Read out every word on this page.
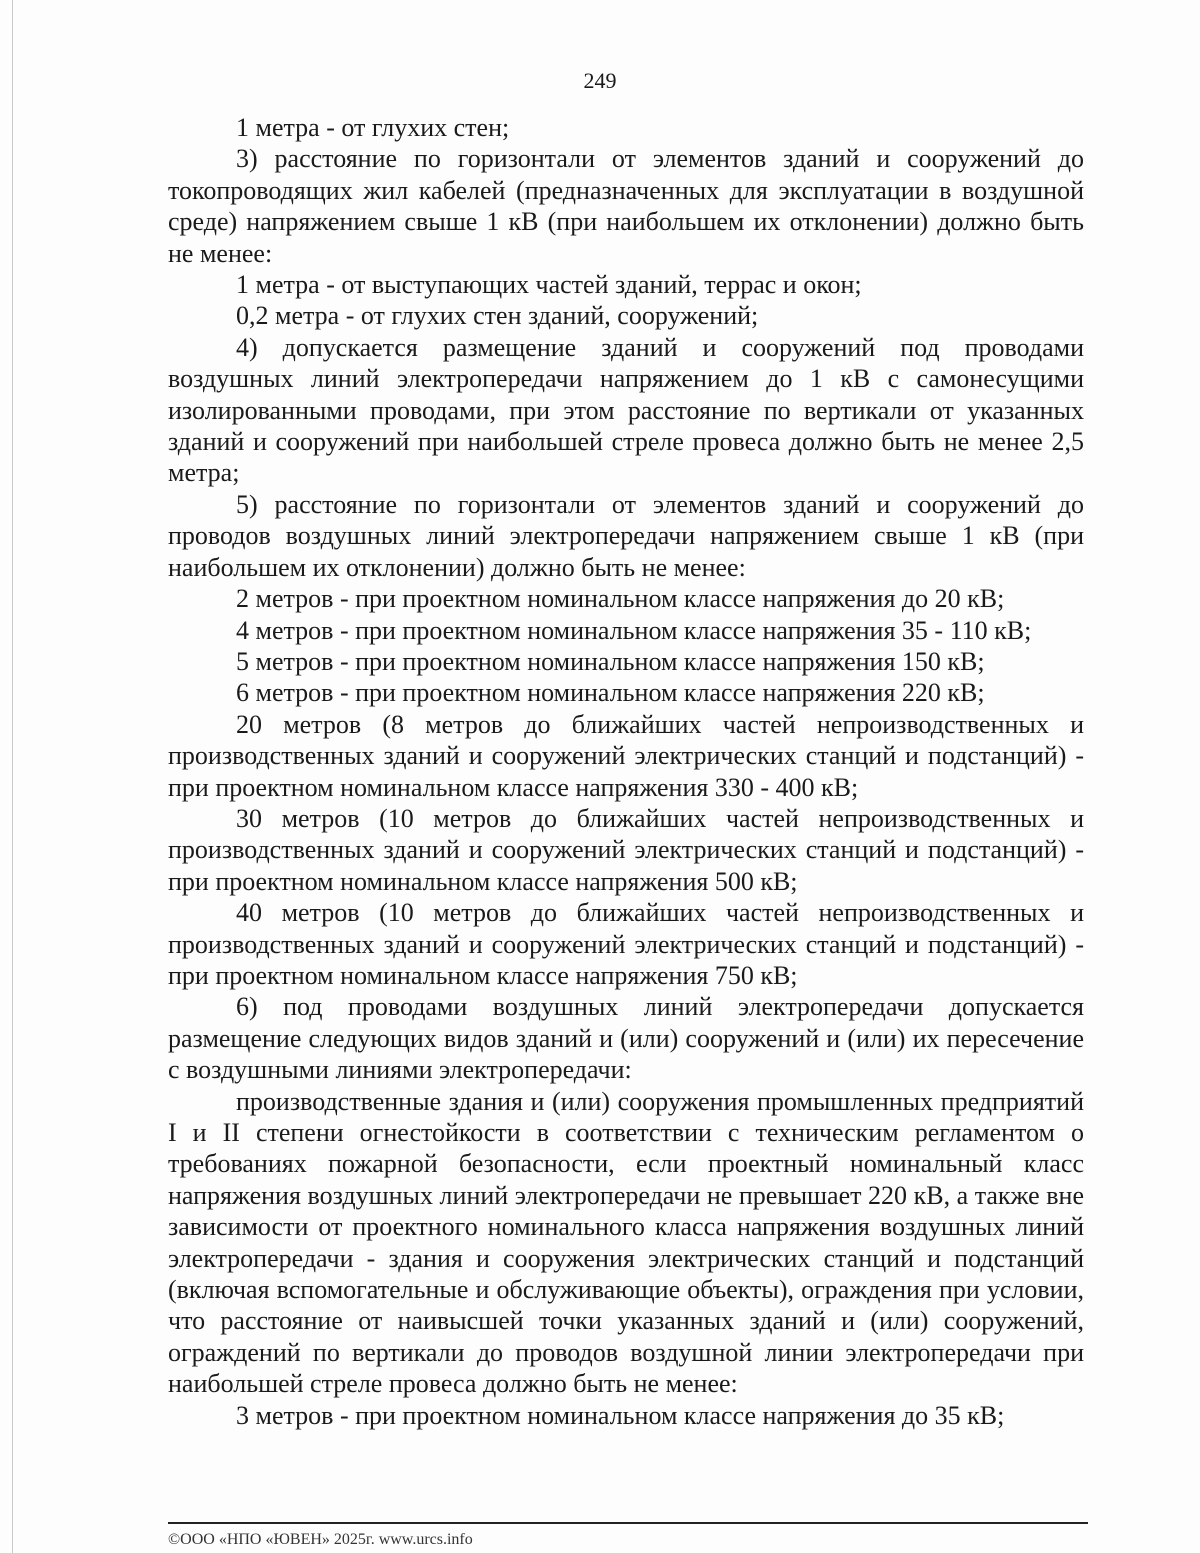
249

1 метра - от глухих стен;

3) расстояние по горизонтали от элементов зданий и сооружений до токопроводящих жил кабелей (предназначенных для эксплуатации в воздушной среде) напряжением свыше 1 кВ (при наибольшем их отклонении) должно быть не менее:

1 метра - от выступающих частей зданий, террас и окон;

0,2 метра - от глухих стен зданий, сооружений;

4) допускается размещение зданий и сооружений под проводами воздушных линий электропередачи напряжением до 1 кВ с самонесущими изолированными проводами, при этом расстояние по вертикали от указанных зданий и сооружений при наибольшей стреле провеса должно быть не менее 2,5 метра;

5) расстояние по горизонтали от элементов зданий и сооружений до проводов воздушных линий электропередачи напряжением свыше 1 кВ (при наибольшем их отклонении) должно быть не менее:

2 метров - при проектном номинальном классе напряжения до 20 кВ;

4 метров - при проектном номинальном классе напряжения 35 - 110 кВ;

5 метров - при проектном номинальном классе напряжения 150 кВ;

6 метров - при проектном номинальном классе напряжения 220 кВ;

20 метров (8 метров до ближайших частей непроизводственных и производственных зданий и сооружений электрических станций и подстанций) - при проектном номинальном классе напряжения 330 - 400 кВ;

30 метров (10 метров до ближайших частей непроизводственных и производственных зданий и сооружений электрических станций и подстанций) - при проектном номинальном классе напряжения 500 кВ;

40 метров (10 метров до ближайших частей непроизводственных и производственных зданий и сооружений электрических станций и подстанций) - при проектном номинальном классе напряжения 750 кВ;

6) под проводами воздушных линий электропередачи допускается размещение следующих видов зданий и (или) сооружений и (или) их пересечение с воздушными линиями электропередачи:

производственные здания и (или) сооружения промышленных предприятий I и II степени огнестойкости в соответствии с техническим регламентом о требованиях пожарной безопасности, если проектный номинальный класс напряжения воздушных линий электропередачи не превышает 220 кВ, а также вне зависимости от проектного номинального класса напряжения воздушных линий электропередачи - здания и сооружения электрических станций и подстанций (включая вспомогательные и обслуживающие объекты), ограждения при условии, что расстояние от наивысшей точки указанных зданий и (или) сооружений, ограждений по вертикали до проводов воздушной линии электропередачи при наибольшей стреле провеса должно быть не менее:

3 метров - при проектном номинальном классе напряжения до 35 кВ;

©ООО «НПО «ЮВЕН» 2025г. www.urcs.info
